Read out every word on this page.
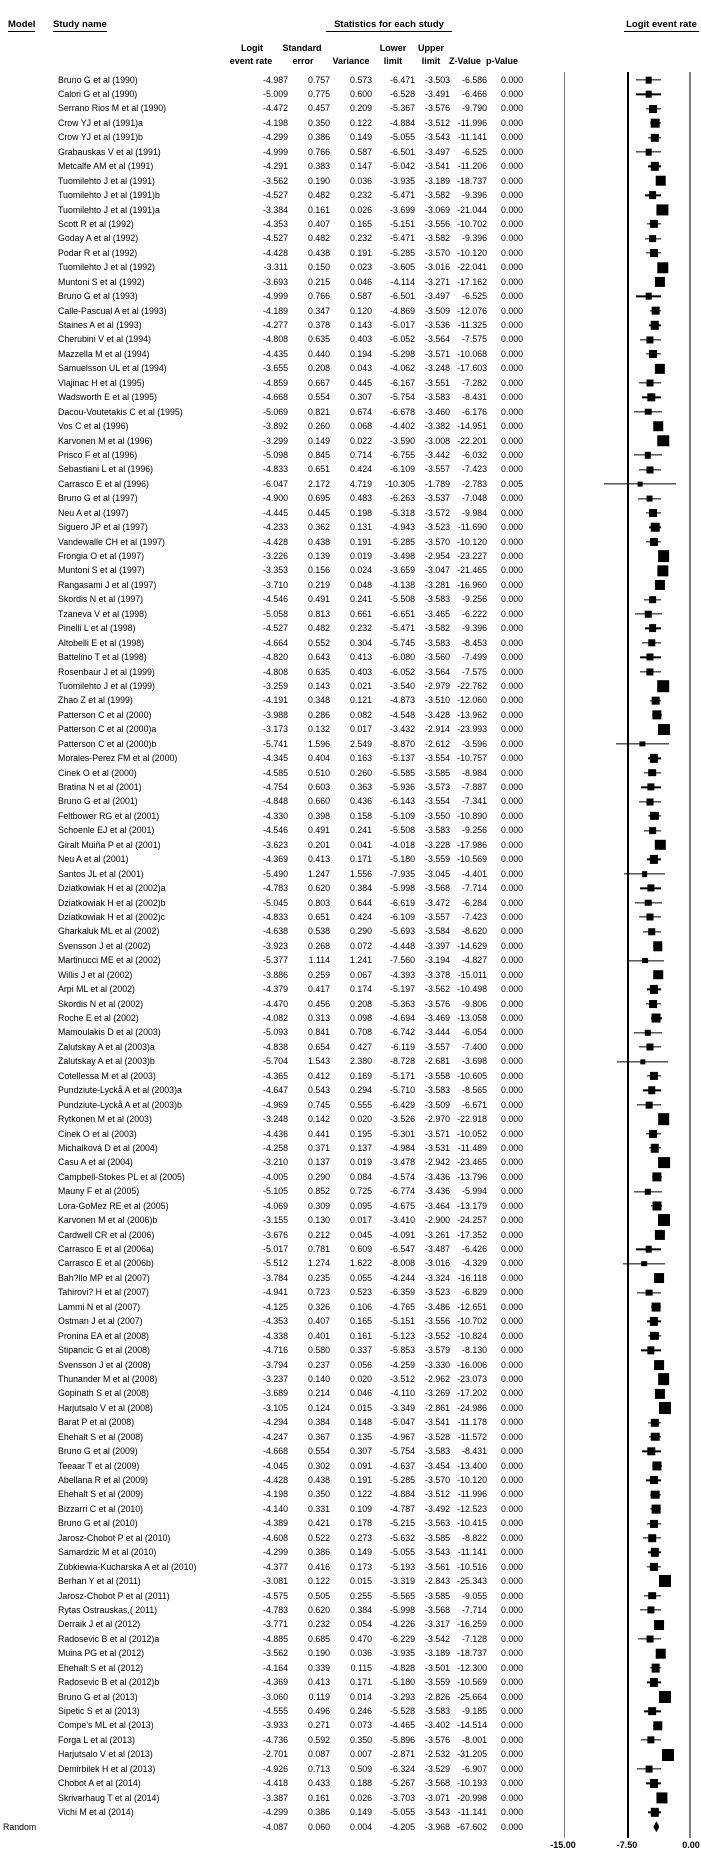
Model Study name	Statistics for each study	Logit event rate
Logit	Standard	Lower	Upper
event rate	error	Variance	limit	limit Z-Value p-Value
Bruno G et al (1990)	-4.987	0.757	0.573	-6.471	-3.503	-6.586	0.000
Calori G et al (1990)	-5.009	0.775	0.600	-6.528	-3.491	-6.466	0.000
Serrano Rios M et al (1990)	-4.472	0.457	0.209	-5.367	-3.576	-9.790	0.000
Crow YJ et al (1991)a	-4.198	0.350	0.122	-4.884	-3.512 -11.996	0.000
Crow YJ et al (1991)b	-4.299	0.386	0.149	-5.055	-3.543 -11.141	0.000
Grabauskas V et al (1991)	-4.999	0.766	0.587	-6.501	-3.497	-6.525	0.000
Metcalfe AM et al (1991)	-4.291	0.383	0.147	-5.042	-3.541 -11.206	0.000
Tuomilehto J et al (1991)	-3.562	0.190	0.036	-3.935	-3.189 -18.737	0.000
Tuomilehto J et al (1991)b	-4.527	0.482	0.232	-5.471	-3.582	-9.396	0.000
Tuomilehto J et al (1991)a	-3.384	0.161	0.026	-3.699	-3.069 -21.044	0.000
Scott R et al (1992)	-4.353	0.407	0.165	-5.151	-3.556 -10.702	0.000
Goday A et al (1992)	-4.527	0.482	0.232	-5.471	-3.582	-9.396	0.000
Podar R et al (1992)	-4.428	0.438	0.191	-5.285	-3.570 -10.120	0.000
Tuomilehto J et al (1992)	-3.311	0.150	0.023	-3.605	-3.016 -22.041	0.000
Muntoni S et al (1992)	-3.693	0.215	0.046	-4.114	-3.271 -17.162	0.000
Bruno G et al (1993)	-4.999	0.766	0.587	-6.501	-3.497	-6.525	0.000
Calle-Pascual A et al (1993)	-4.189	0.347	0.120	-4.869	-3.509 -12.076	0.000
Staines A et al (1993)	-4.277	0.378	0.143	-5.017	-3.536 -11.325	0.000
Cherubini V et al (1994)	-4.808	0.635	0.403	-6.052	-3.564	-7.575	0.000
Mazzella M et al (1994)	-4.435	0.440	0.194	-5.298	-3.571 -10.068	0.000
Samuelsson UL et al (1994)	-3.655	0.208	0.043	-4.062	-3.248 -17.603	0.000
Vlajinac H et al (1995)	-4.859	0.667	0.445	-6.167	-3.551	-7.282	0.000
Wadsworth E et al (1995)	-4.668	0.554	0.307	-5.754	-3.583	-8.431	0.000
Dacou-Voutetakis C et al (1995)	-5.069	0.821	0.674	-6.678	-3.460	-6.176	0.000
Vos C et al (1996)	-3.892	0.260	0.068	-4.402	-3.382 -14.951	0.000
Karvonen M et al (1996)	-3.299	0.149	0.022	-3.590	-3.008 -22.201	0.000
Prisco F et al (1996)	-5.098	0.845	0.714	-6.755	-3.442	-6.032	0.000
Sebastiani L et al (1996)	-4.833	0.651	0.424	-6.109	-3.557	-7.423	0.000
Carrasco E et al (1996)	-6.047	2.172	4.719	-10.305	-1.789	-2.783	0.005
Bruno G et al (1997)	-4.900	0.695	0.483	-6.263	-3.537	-7.048	0.000
Neu A et al (1997)	-4.445	0.445	0.198	-5.318	-3.572	-9.984	0.000
Siguero JP et al (1997)	-4.233	0.362	0.131	-4.943	-3.523 -11.690	0.000
Vandewalle CH et al (1997)	-4.428	0.438	0.191	-5.285	-3.570 -10.120	0.000
Frongia O et al (1997)	-3.226	0.139	0.019	-3.498	-2.954 -23.227	0.000
Muntoni S et al (1997)	-3.353	0.156	0.024	-3.659	-3.047 -21.465	0.000
Rangasami J et al (1997)	-3.710	0.219	0.048	-4.138	-3.281 -16.960	0.000
Skordis N et al (1997)	-4.546	0.491	0.241	-5.508	-3.583	-9.256	0.000
Tzaneva V et al (1998)	-5.058	0.813	0.661	-6.651	-3.465	-6.222	0.000
Pinelli L et al (1998)	-4.527	0.482	0.232	-5.471	-3.582	-9.396	0.000
Altobelli E et al (1998)	-4.664	0.552	0.304	-5.745	-3.583	-8.453	0.000
Battelino T et al (1998)	-4.820	0.643	0.413	-6.080	-3.560	-7.499	0.000
Rosenbaur J et al (1999)	-4.808	0.635	0.403	-6.052	-3.564	-7.575	0.000
Tuomilehto J et al (1999)	-3.259	0.143	0.021	-3.540	-2.979 -22.762	0.000
Zhao Z et al (1999)	-4.191	0.348	0.121	-4.873	-3.510 -12.060	0.000
Patterson C et al (2000)	-3.988	0.286	0.082	-4.548	-3.428 -13.962	0.000
Patterson C et al (2000)a	-3.173	0.132	0.017	-3.432	-2.914 -23.993	0.000
Patterson C et al (2000)b	-5.741	1.596	2.549	-8.870	-2.612	-3.596	0.000
Morales-Perez FM et al (2000)	-4.345	0.404	0.163	-5.137	-3.554 -10.757	0.000
Cinek O et al (2000)	-4.585	0.510	0.260	-5.585	-3.585	-8.984	0.000
Bratina N et al (2001)	-4.754	0.603	0.363	-5.936	-3.573	-7.887	0.000
Bruno G et al (2001)	-4.848	0.660	0.436	-6.143	-3.554	-7.341	0.000
Feltbower RG et al (2001)	-4.330	0.398	0.158	-5.109	-3.550 -10.890	0.000
Schoenle EJ et al (2001)	-4.546	0.491	0.241	-5.508	-3.583	-9.256	0.000
Giralt Muiña P et al (2001)	-3.623	0.201	0.041	-4.018	-3.228 -17.986	0.000
Neu A et al (2001)	-4.369	0.413	0.171	-5.180	-3.559 -10.569	0.000
Santos JL et al (2001)	-5.490	1.247	1.556	-7.935	-3.045	-4.401	0.000
Dziatkowiak H et al (2002)a	-4.783	0.620	0.384	-5.998	-3.568	-7.714	0.000
Dziatkowiak H et al (2002)b	-5.045	0.803	0.644	-6.619	-3.472	-6.284	0.000
Dziatkowiak H et al (2002)c	-4.833	0.651	0.424	-6.109	-3.557	-7.423	0.000
Gharkaluk ML et al (2002)	-4.638	0.538	0.290	-5.693	-3.584	-8.620	0.000
Svensson J et al (2002)	-3.923	0.268	0.072	-4.448	-3.397 -14.629	0.000
Martinucci ME et al (2002)	-5.377	1.114	1.241	-7.560	-3.194	-4.827	0.000
Willis J et al (2002)	-3.886	0.259	0.067	-4.393	-3.378 -15.011	0.000
Arpi ML et al (2002)	-4.379	0.417	0.174	-5.197	-3.562 -10.498	0.000
Skordis N et al (2002)	-4.470	0.456	0.208	-5.363	-3.576	-9.806	0.000
Roche E et al (2002)	-4.082	0.313	0.098	-4.694	-3.469 -13.058	0.000
Mamoulakis D et al (2003)	-5.093	0.841	0.708	-6.742	-3.444	-6.054	0.000
Zalutskay A et al (2003)a	-4.838	0.654	0.427	-6.119	-3.557	-7.400	0.000
Zalutskay A et al (2003)b	-5.704	1.543	2.380	-8.728	-2.681	-3.698	0.000
Cotellessa M et al (2003)	-4.365	0.412	0.169	-5.171	-3.558 -10.605	0.000
Pundziute-Lyckå A et al (2003)a	-4.647	0.543	0.294	-5.710	-3.583	-8.565	0.000
Pundziute-Lyckå A et al (2003)b	-4.969	0.745	0.555	-6.429	-3.509	-6.671	0.000
Rytkonen M et al (2003)	-3.248	0.142	0.020	-3.526	-2.970 -22.918	0.000
Cinek O et al (2003)	-4.436	0.441	0.195	-5.301	-3.571 -10.052	0.000
Michalková D et al (2004)	-4.258	0.371	0.137	-4.984	-3.531 -11.489	0.000
Casu A et al (2004)	-3.210	0.137	0.019	-3.478	-2.942 -23.465	0.000
Campbell-Stokes PL et al (2005)	-4.005	0.290	0.084	-4.574	-3.436 -13.796	0.000
Mauny F et al (2005)	-5.105	0.852	0.725	-6.774	-3.436	-5.994	0.000
Lora-GoMez RE et al (2005)	-4.069	0.309	0.095	-4.675	-3.464 -13.179	0.000
Karvonen M et al (2006)b	-3.155	0.130	0.017	-3.410	-2.900 -24.257	0.000
Cardwell CR et al (2006)	-3.676	0.212	0.045	-4.091	-3.261 -17.352	0.000
Carrasco E et al (2006a)	-5.017	0.781	0.609	-6.547	-3.487	-6.426	0.000
Carrasco E et al (2006b)	-5.512	1.274	1.622	-8.008	-3.016	-4.329	0.000
Bah?llo MP et al (2007)	-3.784	0.235	0.055	-4.244	-3.324 -16.118	0.000
Tahirovi? H et al (2007)	-4.941	0.723	0.523	-6.359	-3.523	-6.829	0.000
Lammi N et al (2007)	-4.125	0.326	0.106	-4.765	-3.486 -12.651	0.000
Ostman J et al (2007)	-4.353	0.407	0.165	-5.151	-3.556 -10.702	0.000
Pronina EA et al (2008)	-4.338	0.401	0.161	-5.123	-3.552 -10.824	0.000
Stipancic G et al (2008)	-4.716	0.580	0.337	-5.853	-3.579	-8.130	0.000
Svensson J et al (2008)	-3.794	0.237	0.056	-4.259	-3.330 -16.006	0.000
Thunander M et al (2008)	-3.237	0.140	0.020	-3.512	-2.962 -23.073	0.000
Gopinath S et al (2008)	-3.689	0.214	0.046	-4.110	-3.269 -17.202	0.000
Harjutsalo V et al (2008)	-3.105	0.124	0.015	-3.349	-2.861 -24.986	0.000
Barat P et al (2008)	-4.294	0.384	0.148	-5.047	-3.541 -11.178	0.000
Ehehalt S et al (2008)	-4.247	0.367	0.135	-4.967	-3.528 -11.572	0.000
Bruno G et al (2009)	-4.668	0.554	0.307	-5.754	-3.583	-8.431	0.000
Teeaar T et al (2009)	-4.045	0.302	0.091	-4.637	-3.454 -13.400	0.000
Abellana R et al (2009)	-4.428	0.438	0.191	-5.285	-3.570 -10.120	0.000
Ehehalt S et al (2009)	-4.198	0.350	0.122	-4.884	-3.512 -11.996	0.000
Bizzarri C et al (2010)	-4.140	0.331	0.109	-4.787	-3.492 -12.523	0.000
Bruno G et al (2010)	-4.389	0.421	0.178	-5.215	-3.563 -10.415	0.000
Jarosz-Chobot P et al (2010)	-4.608	0.522	0.273	-5.632	-3.585	-8.822	0.000
Samardzic M et al (2010)	-4.299	0.386	0.149	-5.055	-3.543 -11.141	0.000
Zubkiewia-Kucharska A et al (2010)	-4.377	0.416	0.173	-5.193	-3.561 -10.516	0.000
Berhan Y et al (2011)	-3.081	0.122	0.015	-3.319	-2.843 -25.343	0.000
Jarosz-Chobot P et al (2011)	-4.575	0.505	0.255	-5.565	-3.585	-9.055	0.000
Rytas Ostrauskas,( 2011)	-4.783	0.620	0.384	-5.998	-3.568	-7.714	0.000
Derraik J et al (2012)	-3.771	0.232	0.054	-4.226	-3.317 -16.259	0.000
Radosevic B et al (2012)a	-4.885	0.685	0.470	-6.229	-3.542	-7.128	0.000
Muina PG et al (2012)	-3.562	0.190	0.036	-3.935	-3.189 -18.737	0.000
Ehehalt S et al (2012)	-4.164	0.339	0.115	-4.828	-3.501 -12.300	0.000
Radosevic B et al (2012)b	-4.369	0.413	0.171	-5.180	-3.559 -10.569	0.000
Bruno G et al (2013)	-3.060	0.119	0.014	-3.293	-2.826 -25.664	0.000
Sipetic S et al (2013)	-4.555	0.496	0.246	-5.528	-3.583	-9.185	0.000
Compe's ML et al (2013)	-3.933	0.271	0.073	-4.465	-3.402 -14.514	0.000
Forga L et al (2013)	-4.736	0.592	0.350	-5.896	-3.576	-8.001	0.000
Harjutsalo V et al (2013)	-2.701	0.087	0.007	-2.871	-2.532 -31.205	0.000
Demirbilek H et al (2013)	-4.926	0.713	0.509	-6.324	-3.529	-6.907	0.000
Chobot A et al (2014)	-4.418	0.433	0.188	-5.267	-3.568 -10.193	0.000
Skrivarhaug T et al (2014)	-3.387	0.161	0.026	-3.703	-3.071 -20.998	0.000
Vichi M et al (2014)	-4.299	0.386	0.149	-5.055	-3.543 -11.141	0.000
Random	-4.087	0.060	0.004	-4.205	-3.968 -67.602	0.000
-15.00	-7.50	0.00
